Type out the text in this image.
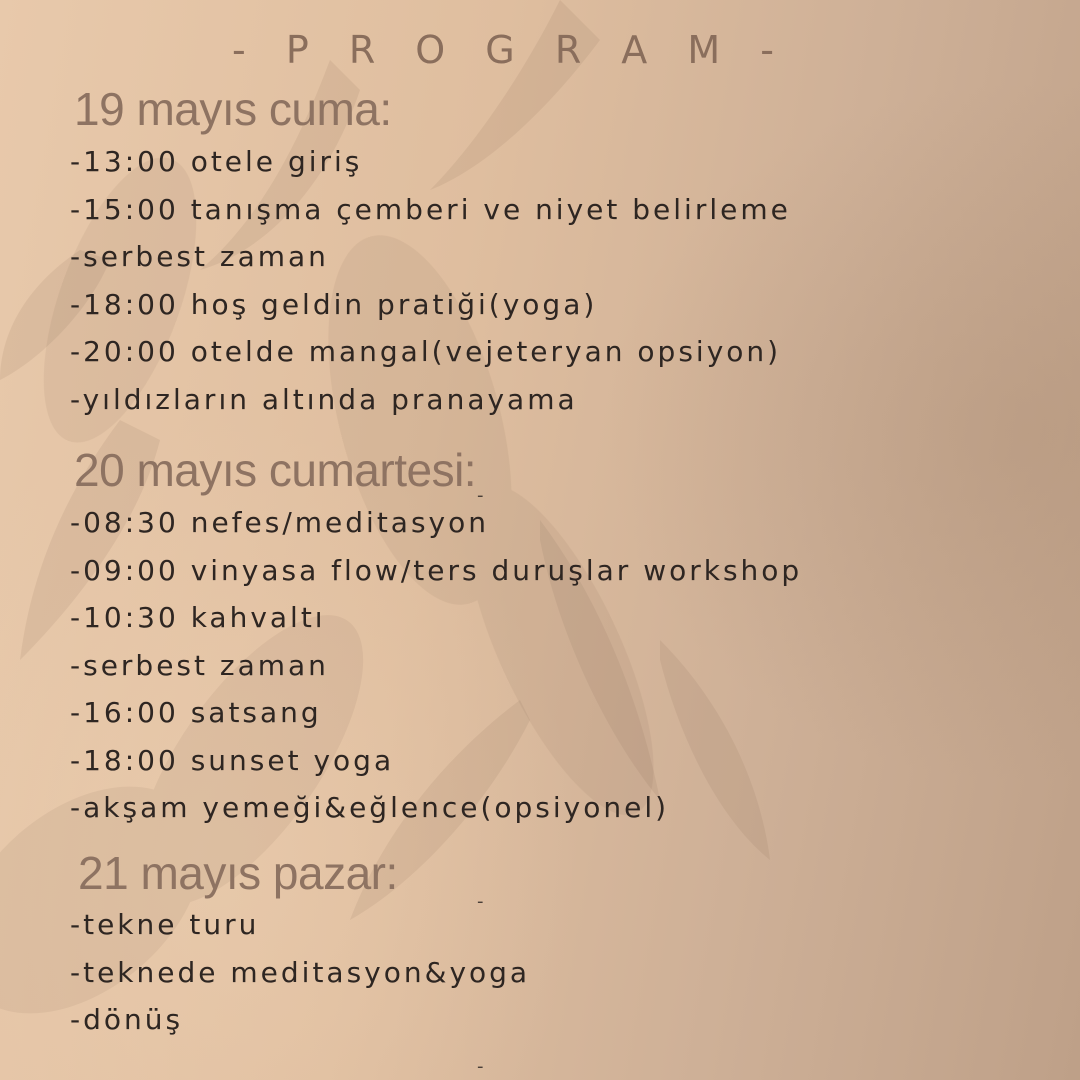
- P R O G R A M -
19 mayıs cuma:
-13:00 otele giriş
-15:00 tanışma çemberi ve niyet belirleme
-serbest zaman
-18:00 hoş geldin pratiği(yoga)
-20:00 otelde mangal(vejeteryan opsiyon)
-yıldızların altında pranayama
20 mayıs cumartesi:
-08:30 nefes/meditasyon
-09:00 vinyasa flow/ters duruşlar workshop
-10:30 kahvaltı
-serbest zaman
-16:00 satsang
-18:00 sunset yoga
-akşam yemeği&eğlence(opsiyonel)
21 mayıs pazar:
-tekne turu
-teknede meditasyon&yoga
-dönüş
-
-
-
